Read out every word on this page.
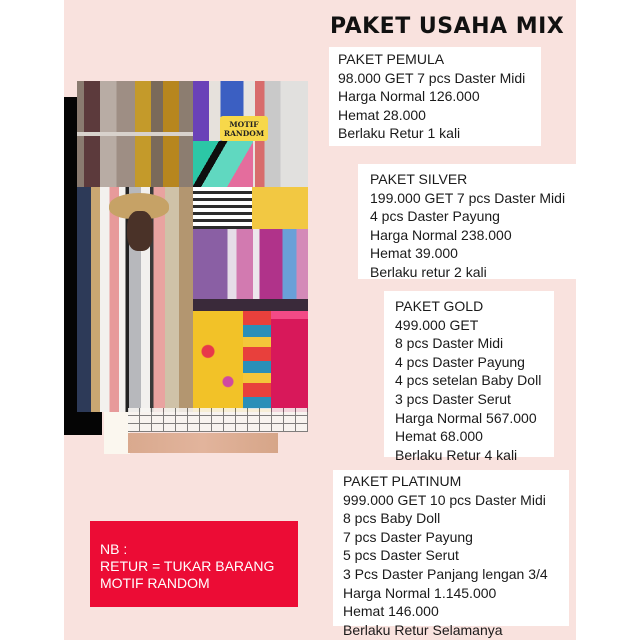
MOTIF
RANDOM
PAKET USAHA MIX
PAKET PEMULA
98.000 GET 7 pcs Daster Midi
Harga Normal 126.000
Hemat 28.000
Berlaku Retur 1 kali
PAKET SILVER
199.000 GET 7 pcs Daster Midi
4 pcs Daster Payung
Harga Normal 238.000
Hemat 39.000
Berlaku retur 2 kali
PAKET GOLD
499.000 GET
8 pcs Daster Midi
4 pcs Daster Payung
4 pcs setelan Baby Doll
3 pcs Daster Serut
Harga Normal 567.000
Hemat 68.000
Berlaku Retur 4 kali
PAKET PLATINUM
999.000 GET 10 pcs Daster Midi
8 pcs Baby Doll
7 pcs Daster Payung
5 pcs Daster Serut
3 Pcs Daster Panjang lengan 3/4
Harga Normal 1.145.000
Hemat 146.000
Berlaku Retur Selamanya
NB :
RETUR = TUKAR BARANG
MOTIF RANDOM
